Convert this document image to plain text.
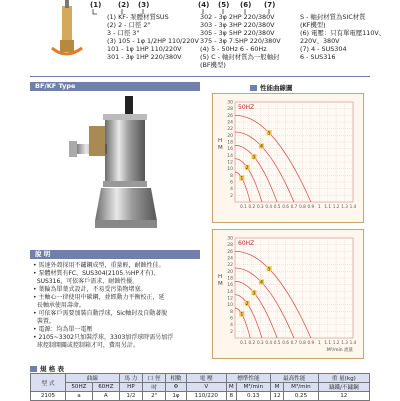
(1) (2) (3)	(4) (5) (6) (7)
(1) KF- 泵體材質SUS
(2) 2 - 口徑 2"
3 - 口徑 3"
(3) 105 - 1φ 1/2HP 110/220V
101 - 1φ 1HP 110/220V
301 - 3φ 1HP 220/380V
302 - 3φ 2HP 220/380V
303 - 3φ 3HP 220/380V
305 - 3φ 5HP 220/380V
375 - 3φ 7.5HP 220/380V
(4) 5 - 50Hz 6 - 60Hz
(5) C - 軸封材質為一般軸封
(BF機型)
S - 軸封材質為SIC材質
(KF機型)
(6) 電壓：只有單電壓110V、
220V、380V
(7) 4 - SUS304
6 - SUS316
BF/KF Type	性能曲線圖
2
4
6
8
10
12
14
16
18
20
22
24
26
28
30
0.1 0.2 0.3 0.4 0.5 0.6 0.7 0.8 0.9 1 1.1 1.2 1.3 1.4
50HZ
H
M
1
2
3
4
5
2
4
6
8
10
12
14
16
18
20
22
24
26
28
30
0.1 0.2 0.3 0.4 0.5 0.6 0.7 0.8 0.9 1 1.1 1.2 1.3 1.4
60HZ
H
M
M³/min 流量
1
2
3
4
5
說 明
• 馬達外殼採用不鏽鋼成型，重量輕，耐蝕性佳。
• 泵體材質有FC、SUS304(2105.½HP才有)、
SUS316，可依客戶需求，耐蝕性優。
• 葉輪為單葉式設計，不易受污染物堵塞。
• 主軸心一律使用中碳鋼，並經動力平衡校正，延
長軸承使用壽命。
• 可依客戶需要加裝自動浮球，Sic軸封及自動著脫
裝置。
• 電源：均為單一電壓
• 2105~3302只加裝浮球，3303加浮球時需另加浮
球控制開關或控制箱才可，費用另計。
規 格 表
型 式	曲線		馬 力	口 徑	相數	電 壓	標準性能		最高性能		重 量(kg)
	50HZ	60HZ	HP	吋	Φ	V	M	M³/min	M	M³/min	鑄鐵/不鏽鋼
2105	a	A	1/2	2"	1φ	110/220	8	0.13	12	0.25	12
